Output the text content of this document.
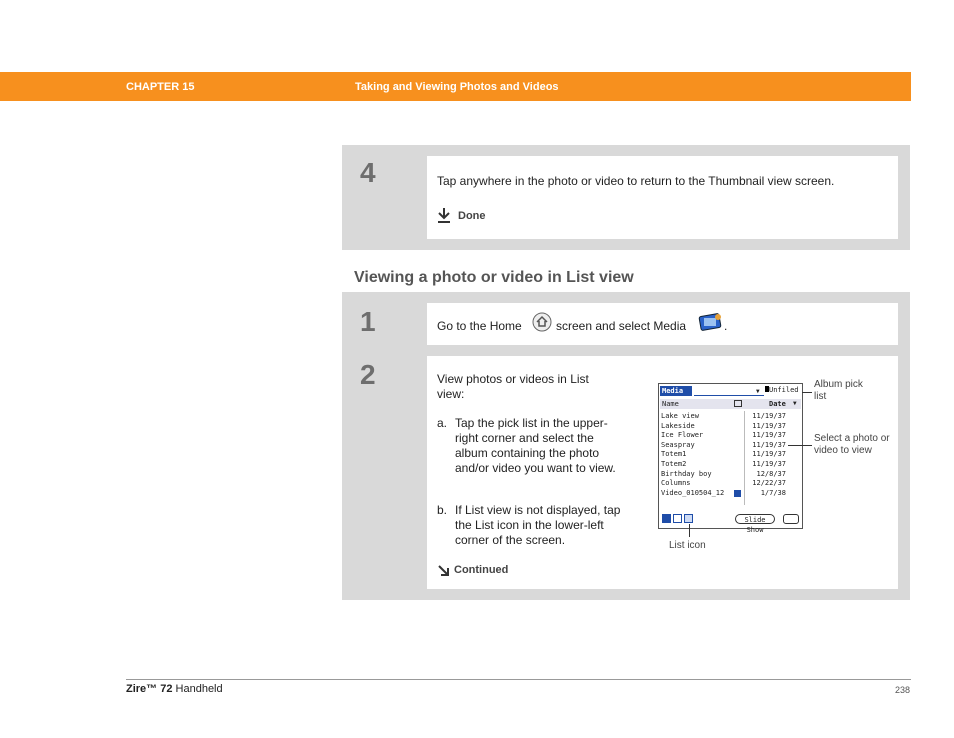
CHAPTER 15	Taking and Viewing Photos and Videos
4	Tap anywhere in the photo or video to return to the Thumbnail view screen.
Done
Viewing a photo or video in List view
1	Go to the Home	screen and select Media	.
2	View photos or videos in List view:
a. Tap the pick list in the upper-right corner and select the album containing the photo and/or video you want to view.
b. If List view is not displayed, tap the List icon in the lower-left corner of the screen.
Continued
Media	▼	Unfiled
Name	Date ▼
Lake view	11/19/37
Lakeside	11/19/37
Ice Flower	11/19/37
Seaspray	11/19/37
Totem1	11/19/37
Totem2	11/19/37
Birthday boy	12/8/37
Columns	12/22/37
Video_010504_12	1/7/38
Slide Show
Album pick list
Select a photo or video to view
List icon
Zire™ 72 Handheld	238
